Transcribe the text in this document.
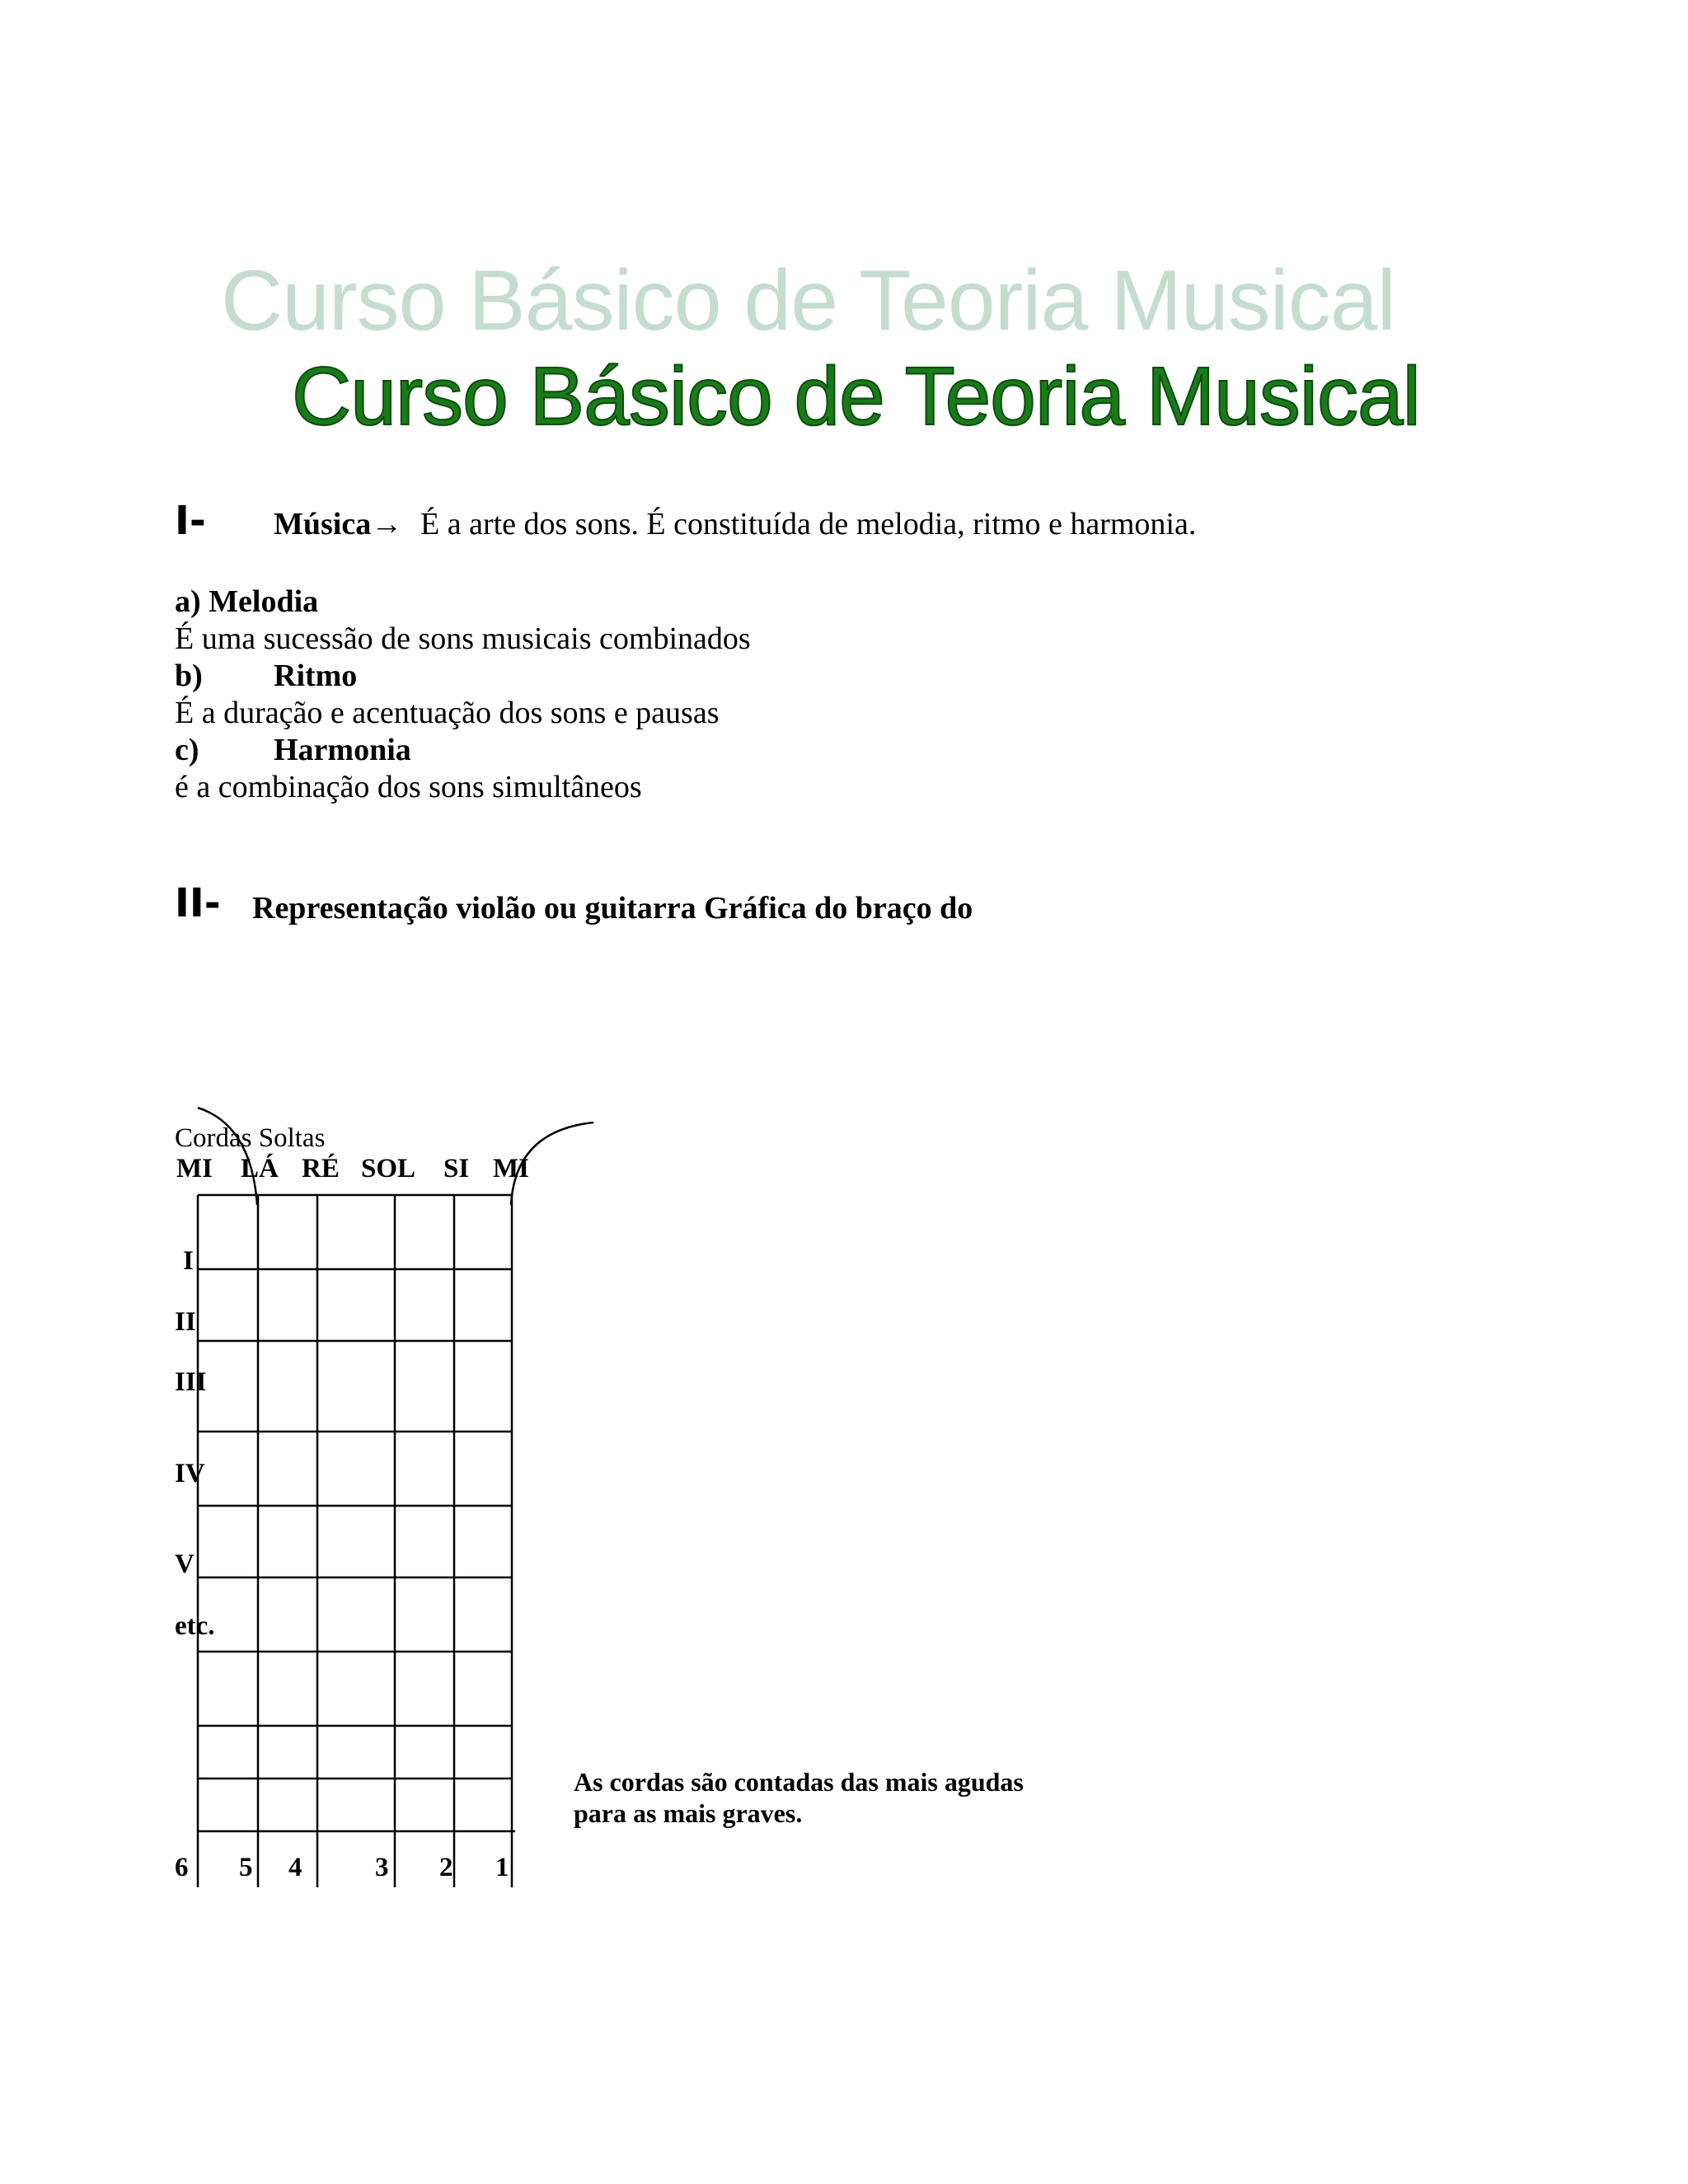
Curso Básico de Teoria Musical
Curso Básico de Teoria Musical
I- Música→ É a arte dos sons. É constituída de melodia, ritmo e harmonia.
a) Melodia
É uma sucessão de sons musicais combinados
b) Ritmo
É a duração e acentuação dos sons e pausas
c) Harmonia
é a combinação dos sons simultâneos
II- Representação violão ou guitarra Gráfica do braço do
Cordas Soltas
MI LÁ RÉ SOL SI MI
I
II
III
IV
V
etc.
6 5 4	3 2 1
As cordas são contadas das mais agudas
para as mais graves.
